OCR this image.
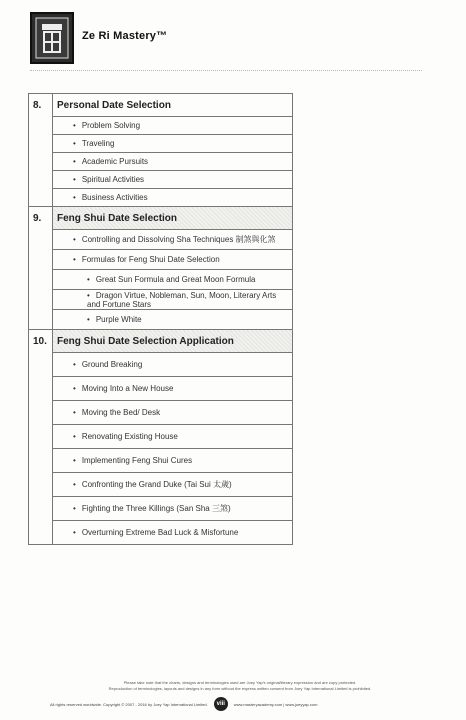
Ze Ri Mastery™
8.	Personal Date Selection
	• Problem Solving
	• Traveling
	• Academic Pursuits
	• Spiritual Activities
	• Business Activities
9.	Feng Shui Date Selection
	• Controlling and Dissolving Sha Techniques 制煞與化煞
	• Formulas for Feng Shui Date Selection
	• Great Sun Formula and Great Moon Formula
	• Dragon Virtue, Nobleman, Sun, Moon, Literary Arts and Fortune Stars
	• Purple White
10.	Feng Shui Date Selection Application
	• Ground Breaking
	• Moving Into a New House
	• Moving the Bed/ Desk
	• Renovating Existing House
	• Implementing Feng Shui Cures
	• Confronting the Grand Duke (Tai Sui 太歲)
	• Fighting the Three Killings (San Sha 三煞)
	• Overturning Extreme Bad Luck & Misfortune
Please take note that the charts, designs and terminologies used are Joey Yap's original/literary expression and are copy protected.
Reproduction of terminologies, layouts and designs in any form without the express written consent from Joey Yap International Limited is prohibited.
All rights reserved worldwide. Copyright © 2007 - 2016 by Joey Yap International Limited.	viii	www.masteryacademy.com | www.joeyyap.com
